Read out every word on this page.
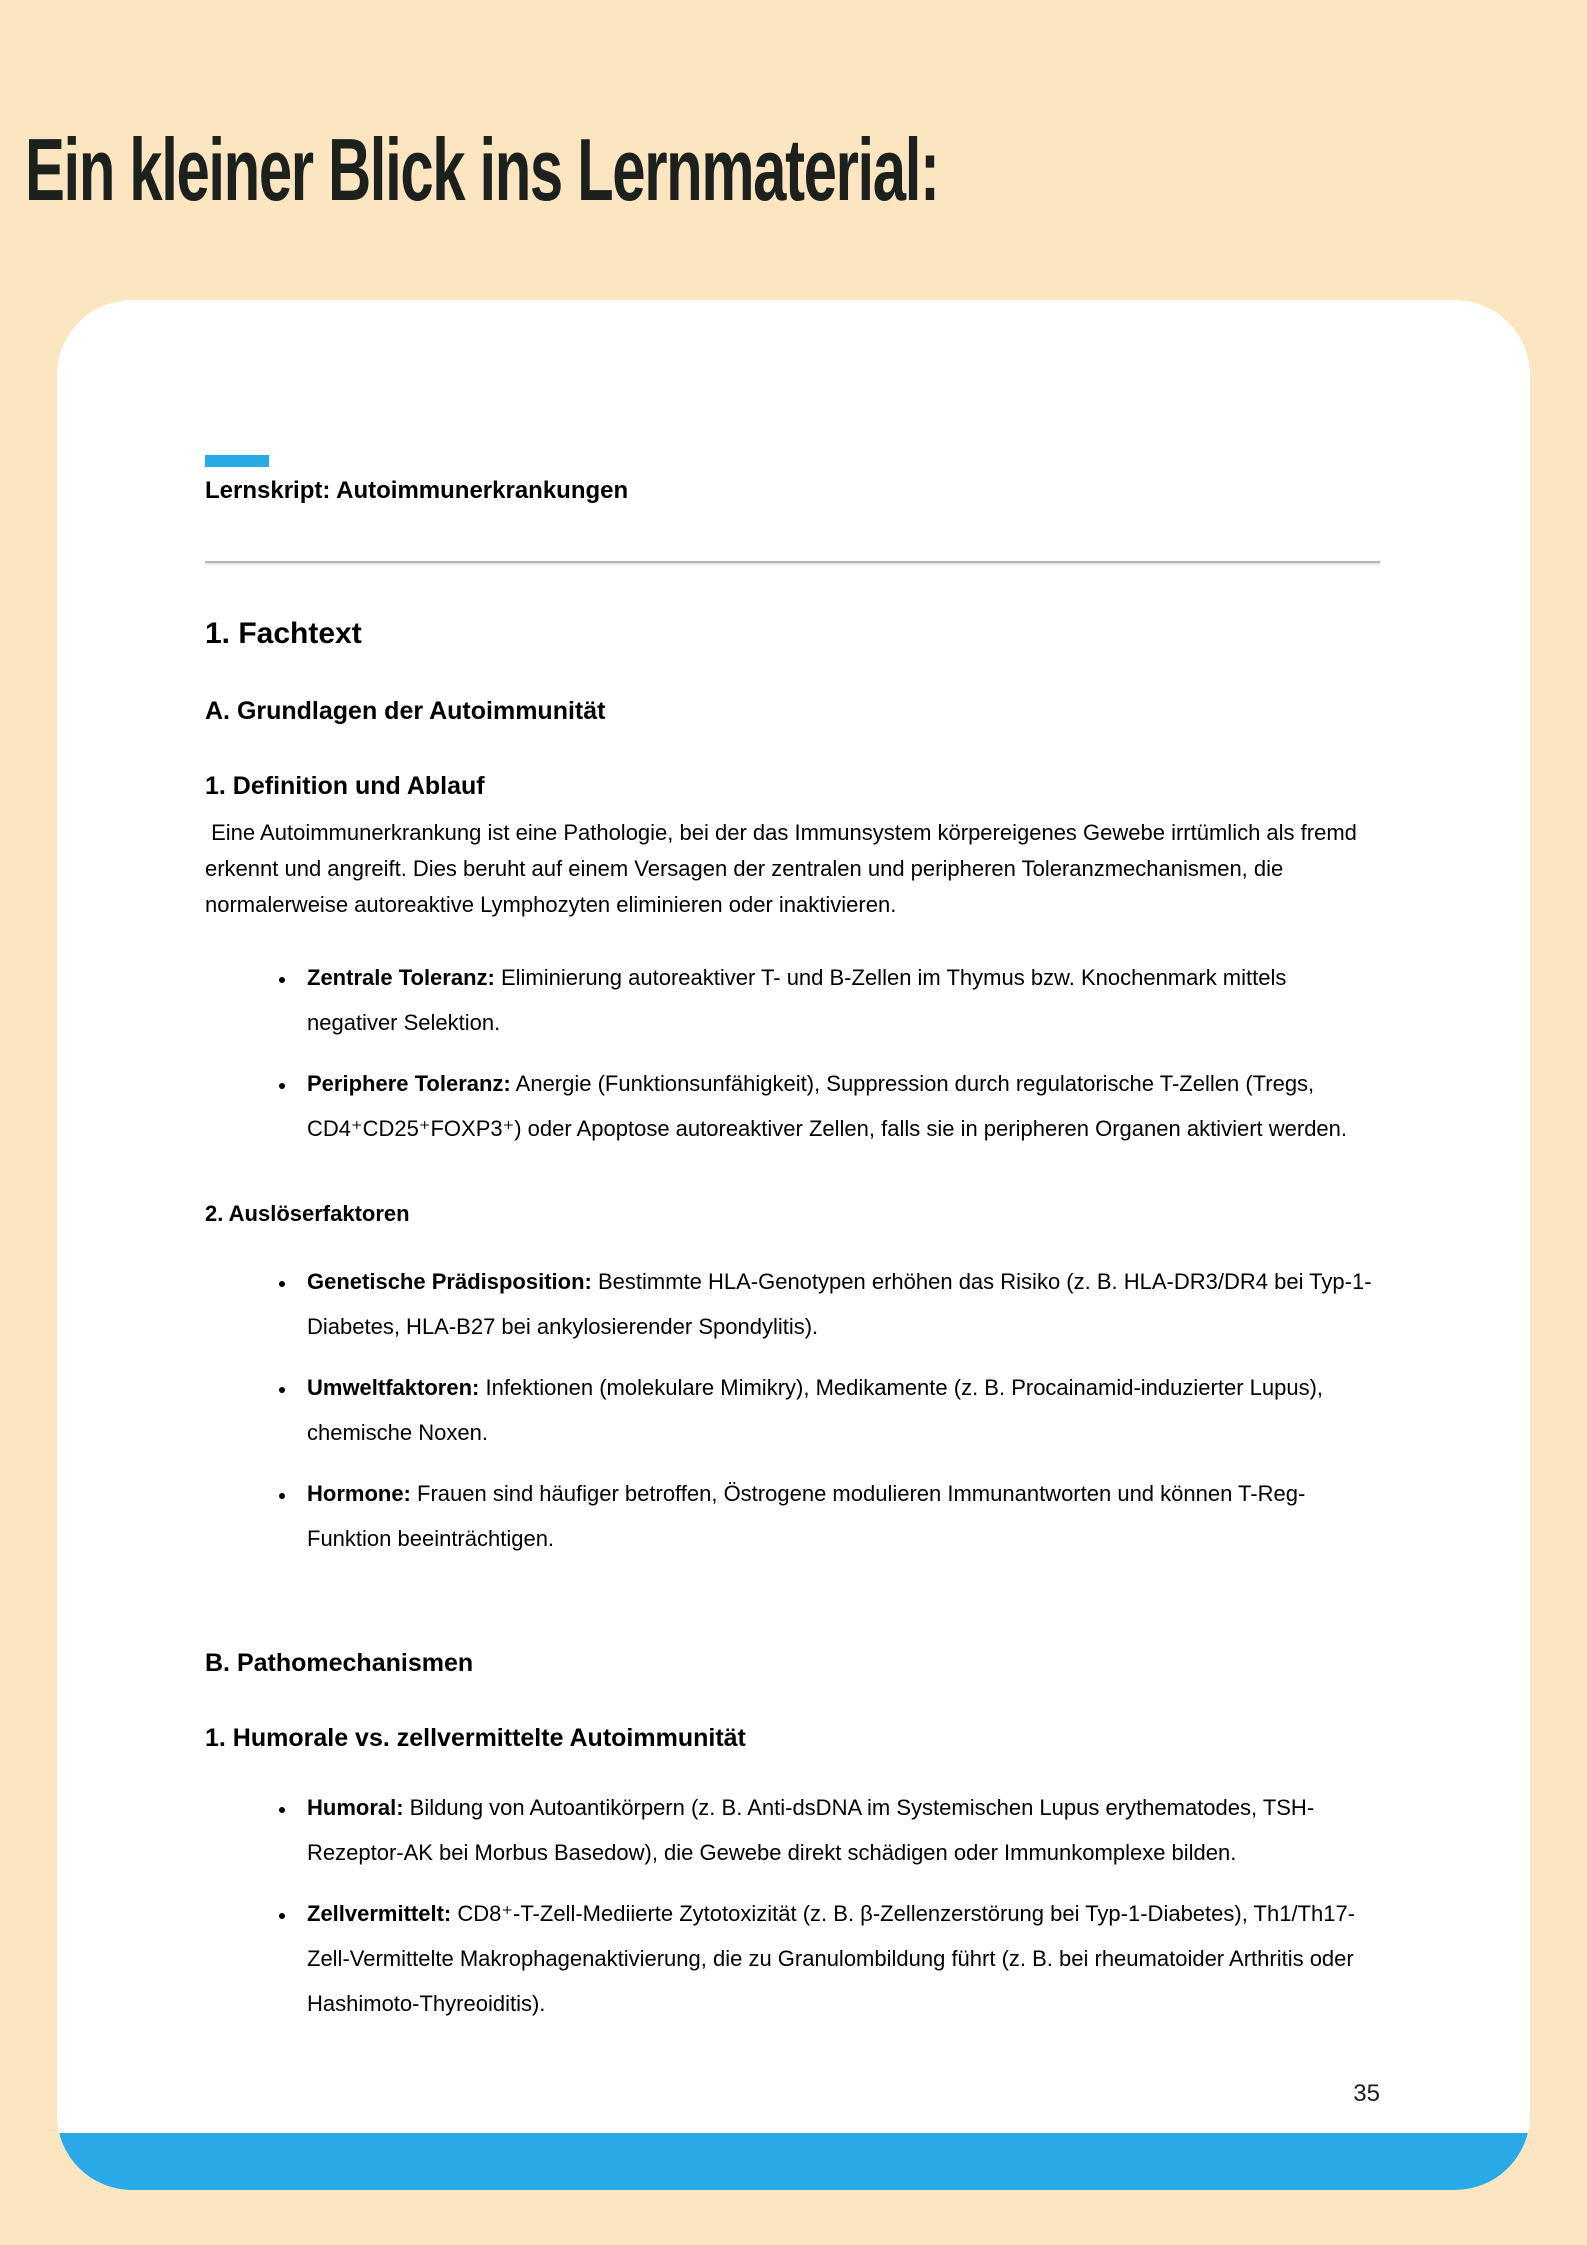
Ein kleiner Blick ins Lernmaterial:
Lernskript: Autoimmunerkrankungen
1. Fachtext
A. Grundlagen der Autoimmunität
1. Definition und Ablauf

Eine Autoimmunerkrankung ist eine Pathologie, bei der das Immunsystem körpereigenes Gewebe irrtümlich als fremd erkennt und angreift. Dies beruht auf einem Versagen der zentralen und peripheren Toleranzmechanismen, die normalerweise autoreaktive Lymphozyten eliminieren oder inaktivieren.

• Zentrale Toleranz: Eliminierung autoreaktiver T- und B-Zellen im Thymus bzw. Knochenmark mittels negativer Selektion.
• Periphere Toleranz: Anergie (Funktionsunfähigkeit), Suppression durch regulatorische T-Zellen (Tregs, CD4⁺CD25⁺FOXP3⁺) oder Apoptose autoreaktiver Zellen, falls sie in peripheren Organen aktiviert werden.
2. Auslöserfaktoren
• Genetische Prädisposition: Bestimmte HLA-Genotypen erhöhen das Risiko (z. B. HLA-DR3/DR4 bei Typ-1-Diabetes, HLA-B27 bei ankylosierender Spondylitis).
• Umweltfaktoren: Infektionen (molekulare Mimikry), Medikamente (z. B. Procainamid-induzierter Lupus), chemische Noxen.
• Hormone: Frauen sind häufiger betroffen, Östrogene modulieren Immunantworten und können T-Reg-Funktion beeinträchtigen.
B. Pathomechanismen
1. Humorale vs. zellvermittelte Autoimmunität
• Humoral: Bildung von Autoantikörpern (z. B. Anti-dsDNA im Systemischen Lupus erythematodes, TSH-Rezeptor-AK bei Morbus Basedow), die Gewebe direkt schädigen oder Immunkomplexe bilden.
• Zellvermittelt: CD8⁺-T-Zell-Mediierte Zytotoxizität (z. B. β-Zellenzerstörung bei Typ-1-Diabetes), Th1/Th17-Zell-Vermittelte Makrophagenaktivierung, die zu Granulombildung führt (z. B. bei rheumatoider Arthritis oder Hashimoto-Thyreoiditis).
35
